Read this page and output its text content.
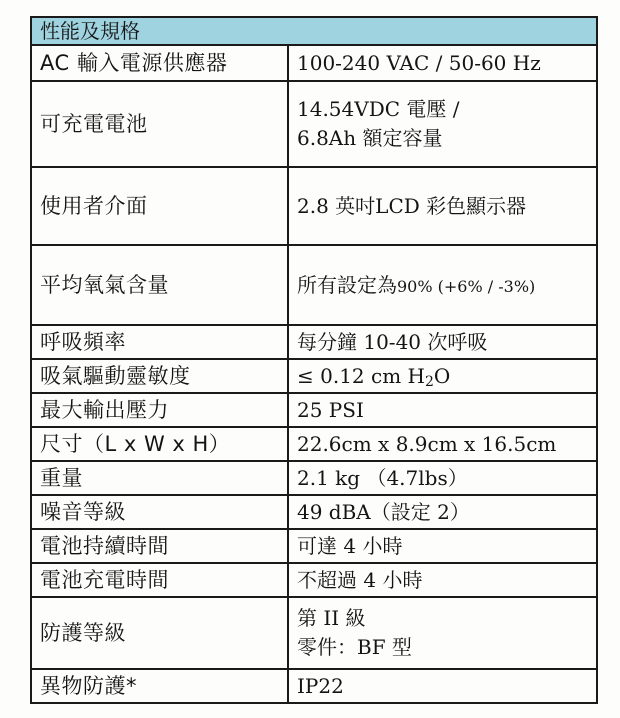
性能及規格	
AC 輸入電源供應器	100-240 VAC / 50-60 Hz
可充電電池	14.54VDC 電壓 /
6.8Ah 額定容量

使用者介面	2.8 英吋LCD 彩色顯示器
平均氧氣含量	所有設定為90% (+6% / -3%)
呼吸頻率	每分鐘 10-40 次呼吸
吸氣驅動靈敏度	≤ 0.12 cm $H_2O$
最大輸出壓力	25 PSI
尺寸（L x W x H）	22.6cm x 8.9cm x 16.5cm
重量	2.1 kg （4.7lbs）
噪音等級	49 dBA（設定 2）
電池持續時間	可達 4 小時
電池充電時間	不超過 4 小時
防護等級	第 II 級
零件：BF 型

異物防護*	IP22
